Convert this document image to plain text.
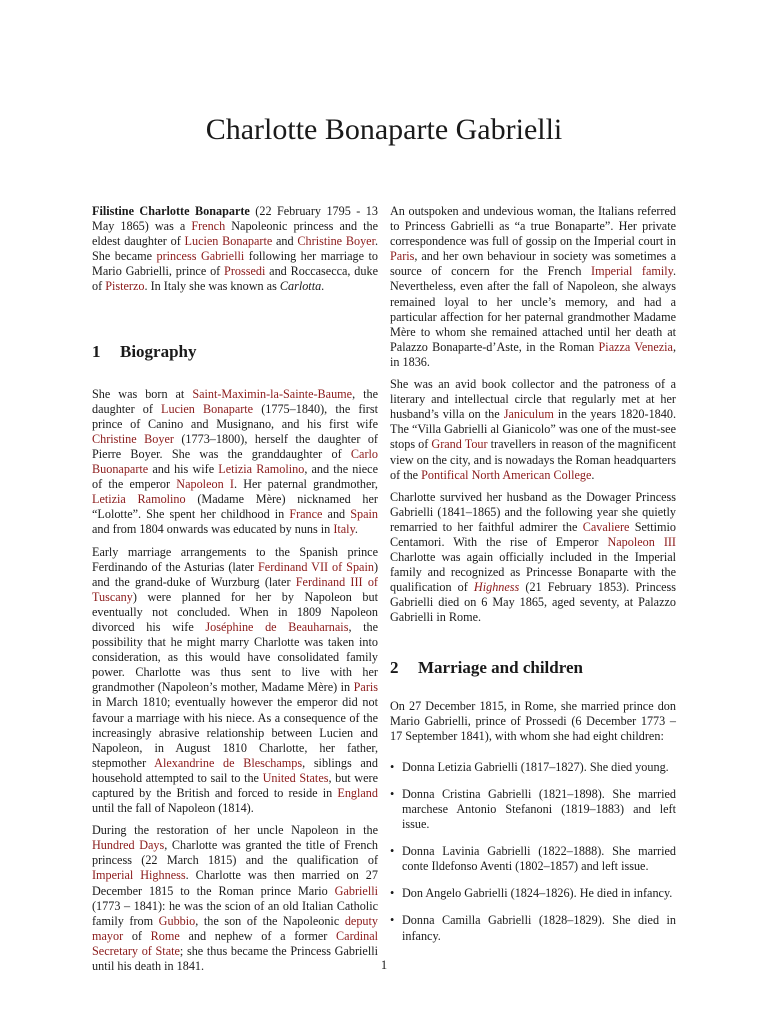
Charlotte Bonaparte Gabrielli

Filistine Charlotte Bonaparte (22 February 1795 - 13 May 1865) was a French Napoleonic princess and the eldest daughter of Lucien Bonaparte and Christine Boyer. She became princess Gabrielli following her marriage to Mario Gabrielli, prince of Prossedi and Roccasecca, duke of Pisterzo. In Italy she was known as Carlotta.

1 Biography

She was born at Saint-Maximin-la-Sainte-Baume, the daughter of Lucien Bonaparte (1775–1840), the first prince of Canino and Musignano, and his first wife Christine Boyer (1773–1800), herself the daughter of Pierre Boyer. She was the granddaughter of Carlo Buonaparte and his wife Letizia Ramolino, and the niece of the emperor Napoleon I. Her paternal grandmother, Letizia Ramolino (Madame Mère) nicknamed her “Lolotte”. She spent her childhood in France and Spain and from 1804 onwards was educated by nuns in Italy.

Early marriage arrangements to the Spanish prince Ferdinando of the Asturias (later Ferdinand VII of Spain) and the grand-duke of Wurzburg (later Ferdinand III of Tuscany) were planned for her by Napoleon but eventually not concluded. When in 1809 Napoleon divorced his wife Joséphine de Beauharnais, the possibility that he might marry Charlotte was taken into consideration, as this would have consolidated family power. Charlotte was thus sent to live with her grandmother (Napoleon’s mother, Madame Mère) in Paris in March 1810; eventually however the emperor did not favour a marriage with his niece. As a consequence of the increasingly abrasive relationship between Lucien and Napoleon, in August 1810 Charlotte, her father, stepmother Alexandrine de Bleschamps, siblings and household attempted to sail to the United States, but were captured by the British and forced to reside in England until the fall of Napoleon (1814).

During the restoration of her uncle Napoleon in the Hundred Days, Charlotte was granted the title of French princess (22 March 1815) and the qualification of Imperial Highness. Charlotte was then married on 27 December 1815 to the Roman prince Mario Gabrielli (1773 – 1841): he was the scion of an old Italian Catholic family from Gubbio, the son of the Napoleonic deputy mayor of Rome and nephew of a former Cardinal Secretary of State; she thus became the Princess Gabrielli until his death in 1841.

An outspoken and undevious woman, the Italians referred to Princess Gabrielli as “a true Bonaparte”. Her private correspondence was full of gossip on the Imperial court in Paris, and her own behaviour in society was sometimes a source of concern for the French Imperial family. Nevertheless, even after the fall of Napoleon, she always remained loyal to her uncle’s memory, and had a particular affection for her paternal grandmother Madame Mère to whom she remained attached until her death at Palazzo Bonaparte-d’Aste, in the Roman Piazza Venezia, in 1836.

She was an avid book collector and the patroness of a literary and intellectual circle that regularly met at her husband’s villa on the Janiculum in the years 1820-1840. The “Villa Gabrielli al Gianicolo” was one of the must-see stops of Grand Tour travellers in reason of the magnificent view on the city, and is nowadays the Roman headquarters of the Pontifical North American College.

Charlotte survived her husband as the Dowager Princess Gabrielli (1841–1865) and the following year she quietly remarried to her faithful admirer the Cavaliere Settimio Centamori. With the rise of Emperor Napoleon III Charlotte was again officially included in the Imperial family and recognized as Princesse Bonaparte with the qualification of Highness (21 February 1853). Princess Gabrielli died on 6 May 1865, aged seventy, at Palazzo Gabrielli in Rome.

2 Marriage and children

On 27 December 1815, in Rome, she married prince don Mario Gabrielli, prince of Prossedi (6 December 1773 – 17 September 1841), with whom she had eight children:

• Donna Letizia Gabrielli (1817–1827). She died young.
• Donna Cristina Gabrielli (1821–1898). She married marchese Antonio Stefanoni (1819–1883) and left issue.
• Donna Lavinia Gabrielli (1822–1888). She married conte Ildefonso Aventi (1802–1857) and left issue.
• Don Angelo Gabrielli (1824–1826). He died in infancy.
• Donna Camilla Gabrielli (1828–1829). She died in infancy.
1
